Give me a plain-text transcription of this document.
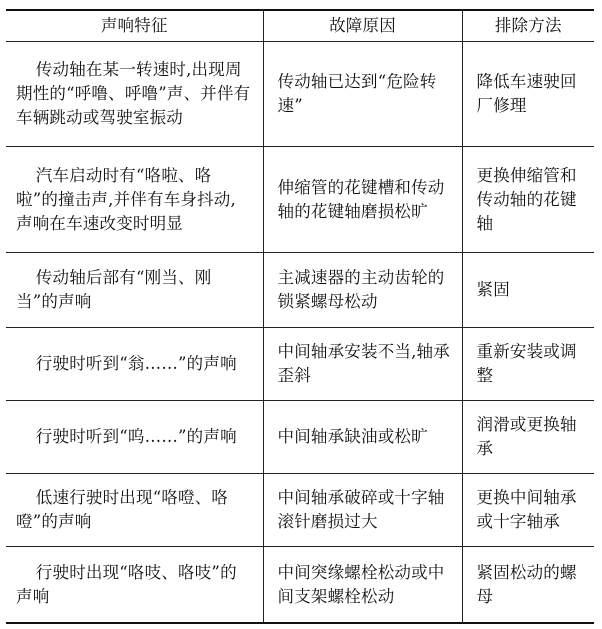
声响特征	故障原因	排除方法
传动轴在某一转速时,出现周期性的“呼噜、呼噜”声、并伴有车辆跳动或驾驶室振动	传动轴已达到“危险转速”	降低车速驶回厂修理
汽车启动时有“咯啦、咯啦”的撞击声,并伴有车身抖动,声响在车速改变时明显	伸缩管的花键槽和传动轴的花键轴磨损松旷	更换伸缩管和传动轴的花键轴
传动轴后部有“刚当、刚当”的声响	主减速器的主动齿轮的锁紧螺母松动	紧固
行驶时听到“翁……”的声响	中间轴承安装不当,轴承歪斜	重新安装或调整
行驶时听到“呜……”的声响	中间轴承缺油或松旷	润滑或更换轴承
低速行驶时出现“咯噔、咯噔”的声响	中间轴承破碎或十字轴滚针磨损过大	更换中间轴承或十字轴承
行驶时出现“咯吱、咯吱”的声响	中间突缘螺栓松动或中间支架螺栓松动	紧固松动的螺母
